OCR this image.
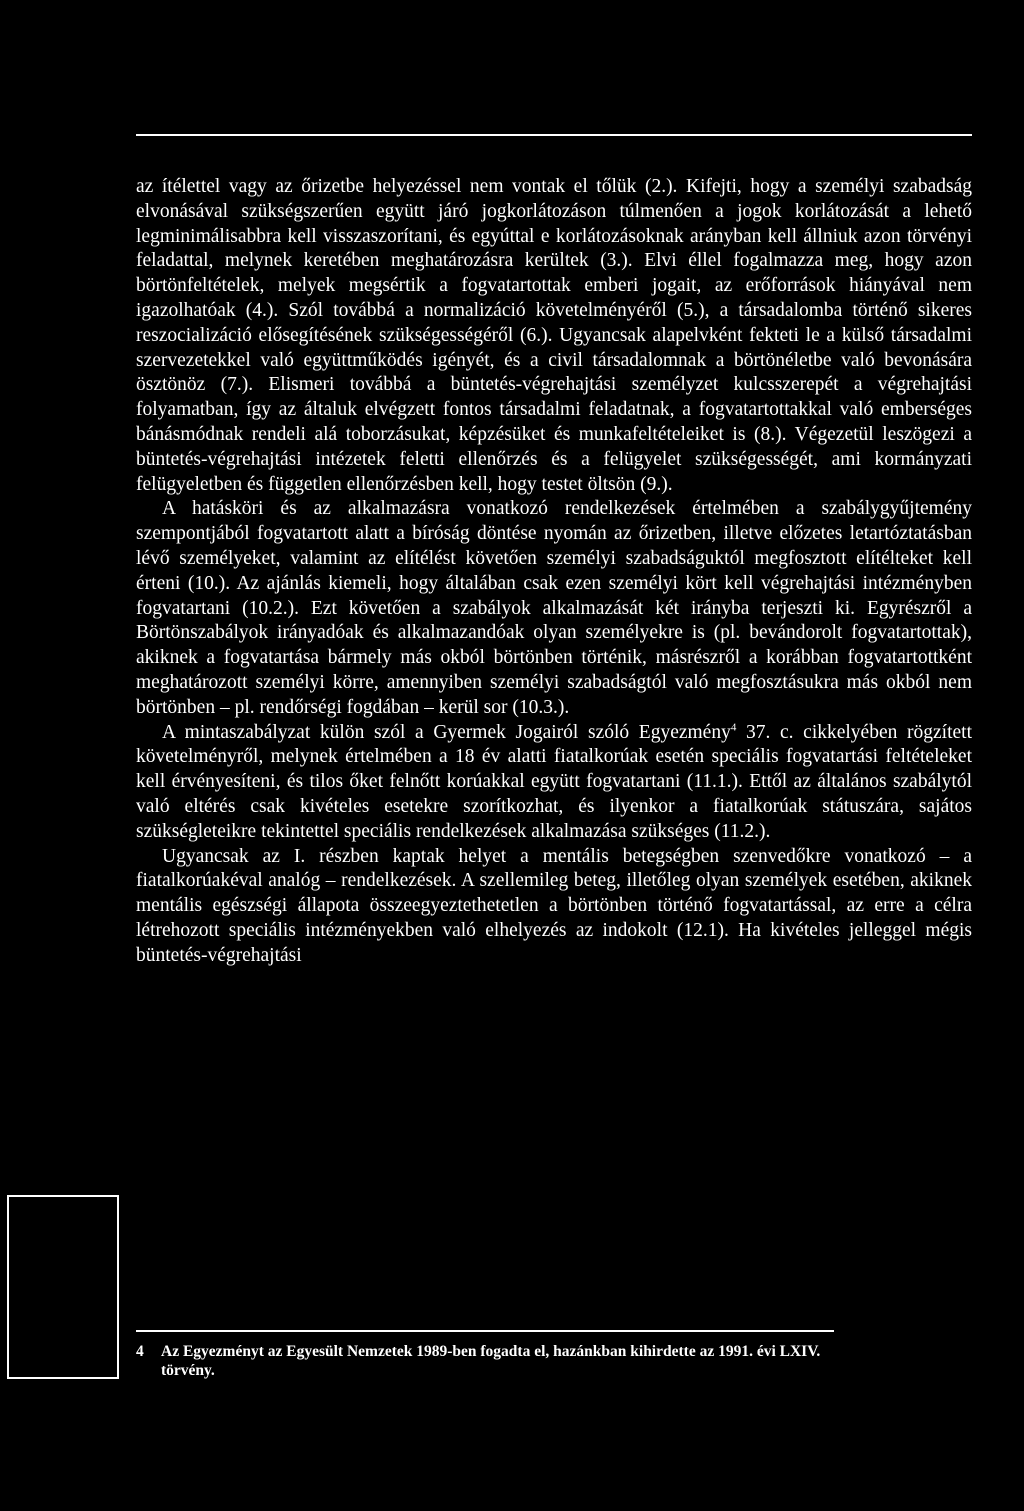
az ítélettel vagy az őrizetbe helyezéssel nem vontak el tőlük (2.). Kifejti, hogy a személyi szabadság elvonásával szükségszerűen együtt járó jogkorlátozáson túlmenően a jogok korlátozását a lehető legminimálisabbra kell visszaszorítani, és egyúttal e korlátozásoknak arányban kell állniuk azon törvényi feladattal, melynek keretében meghatározásra kerültek (3.). Elvi éllel fogalmazza meg, hogy azon börtönfeltételek, melyek megsértik a fogvatartottak emberi jogait, az erőforrások hiányával nem igazolhatóak (4.). Szól továbbá a normalizáció követelményéről (5.), a társadalomba történő sikeres reszocializáció elősegítésének szükségességéről (6.). Ugyancsak alapelvként fekteti le a külső társadalmi szervezetekkel való együttműködés igényét, és a civil társadalomnak a börtönéletbe való bevonására ösztönöz (7.). Elismeri továbbá a büntetés-végrehajtási személyzet kulcsszerepét a végrehajtási folyamatban, így az általuk elvégzett fontos társadalmi feladatnak, a fogvatartottakkal való emberséges bánásmódnak rendeli alá toborzásukat, képzésüket és munkafeltételeiket is (8.). Végezetül leszögezi a büntetés-végrehajtási intézetek feletti ellenőrzés és a felügyelet szükségességét, ami kormányzati felügyeletben és független ellenőrzésben kell, hogy testet öltsön (9.).

A hatásköri és az alkalmazásra vonatkozó rendelkezések értelmében a szabálygyűjtemény szempontjából fogvatartott alatt a bíróság döntése nyomán az őrizetben, illetve előzetes letartóztatásban lévő személyeket, valamint az elítélést követően személyi szabadságuktól megfosztott elítélteket kell érteni (10.). Az ajánlás kiemeli, hogy általában csak ezen személyi kört kell végrehajtási intézményben fogvatartani (10.2.). Ezt követően a szabályok alkalmazását két irányba terjeszti ki. Egyrészről a Börtönszabályok irányadóak és alkalmazandóak olyan személyekre is (pl. bevándorolt fogvatartottak), akiknek a fogvatartása bármely más okból börtönben történik, másrészről a korábban fogvatartottként meghatározott személyi körre, amennyiben személyi szabadságtól való megfosztásukra más okból nem börtönben – pl. rendőrségi fogdában – kerül sor (10.3.).

A mintaszabályzat külön szól a Gyermek Jogairól szóló Egyezmény$^4$ 37. c. cikkelyében rögzített követelményről, melynek értelmében a 18 év alatti fiatalkorúak esetén speciális fogvatartási feltételeket kell érvényesíteni, és tilos őket felnőtt korúakkal együtt fogvatartani (11.1.). Ettől az általános szabálytól való eltérés csak kivételes esetekre szorítkozhat, és ilyenkor a fiatalkorúak státuszára, sajátos szükségleteikre tekintettel speciális rendelkezések alkalmazása szükséges (11.2.).

Ugyancsak az I. részben kaptak helyet a mentális betegségben szenvedőkre vonatkozó – a fiatalkorúakéval analóg – rendelkezések. A szellemileg beteg, illetőleg olyan személyek esetében, akiknek mentális egészségi állapota összeegyeztethetetlen a börtönben történő fogvatartással, az erre a célra létrehozott speciális intézményekben való elhelyezés az indokolt (12.1). Ha kivételes jelleggel mégis büntetés-végrehajtási

4 Az Egyezményt az Egyesült Nemzetek 1989-ben fogadta el, hazánkban kihirdette az 1991. évi LXIV.
törvény.
